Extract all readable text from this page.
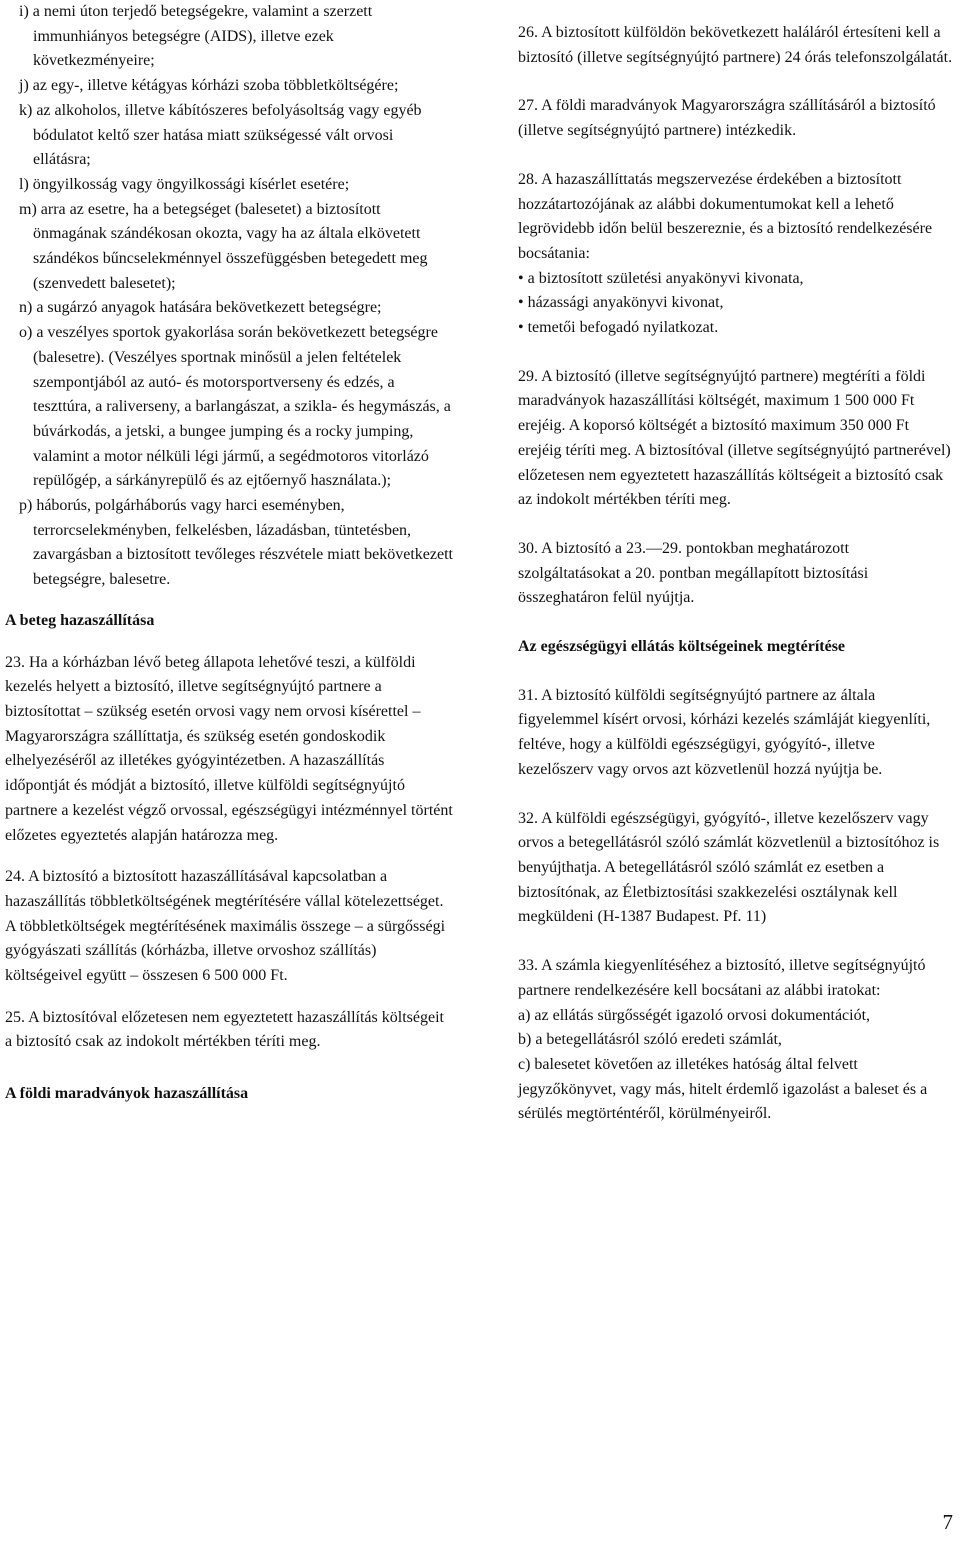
i) a nemi úton terjedő betegségekre, valamint a szerzett immunhiányos betegségre (AIDS), illetve ezek következményeire;

j) az egy-, illetve kétágyas kórházi szoba többletköltségére;

k) az alkoholos, illetve kábítószeres befolyásoltság vagy egyéb bódulatot keltő szer hatása miatt szükségessé vált orvosi ellátásra;

l) öngyilkosság vagy öngyilkossági kísérlet esetére;

m) arra az esetre, ha a betegséget (balesetet) a biztosított önmagának szándékosan okozta, vagy ha az általa elkövetett szándékos bűncselekménnyel összefüggésben betegedett meg (szenvedett balesetet);

n) a sugárzó anyagok hatására bekövetkezett betegségre;

o) a veszélyes sportok gyakorlása során bekövetkezett betegségre (balesetre). (Veszélyes sportnak minősül a jelen feltételek szempontjából az autó- és motorsportverseny és edzés, a teszttúra, a raliverseny, a barlangászat, a szikla- és hegymászás, a búvárkodás, a jetski, a bungee jumping és a rocky jumping, valamint a motor nélküli légi jármű, a segédmotoros vitorlázó repülőgép, a sárkányrepülő és az ejtőernyő használata.);

p) háborús, polgárháborús vagy harci eseményben, terrorcselekményben, felkelésben, lázadásban, tüntetésben, zavargásban a biztosított tevőleges részvétele miatt bekövetkezett betegségre, balesetre.

A beteg hazaszállítása

23. Ha a kórházban lévő beteg állapota lehetővé teszi, a külföldi kezelés helyett a biztosító, illetve segítségnyújtó partnere a biztosítottat – szükség esetén orvosi vagy nem orvosi kísérettel – Magyarországra szállíttatja, és szükség esetén gondoskodik elhelyezéséről az illetékes gyógyintézetben. A hazaszállítás időpontját és módját a biztosító, illetve külföldi segítségnyújtó partnere a kezelést végző orvossal, egészségügyi intézménnyel történt előzetes egyeztetés alapján határozza meg.

24. A biztosító a biztosított hazaszállításával kapcsolatban a hazaszállítás többletköltségének megtérítésére vállal kötelezettséget. A többletköltségek megtérítésének maximális összege – a sürgősségi gyógyászati szállítás (kórházba, illetve orvoshoz szállítás) költségeivel együtt – összesen 6 500 000 Ft.

25. A biztosítóval előzetesen nem egyeztetett hazaszállítás költségeit a biztosító csak az indokolt mértékben téríti meg.

A földi maradványok hazaszállítása

26. A biztosított külföldön bekövetkezett haláláról értesíteni kell a biztosító (illetve segítségnyújtó partnere) 24 órás telefonszolgálatát.

27. A földi maradványok Magyarországra szállításáról a biztosító (illetve segítségnyújtó partnere) intézkedik.

28. A hazaszállíttatás megszervezése érdekében a biztosított hozzátartozójának az alábbi dokumentumokat kell a lehető legrövidebb időn belül beszereznie, és a biztosító rendelkezésére bocsátania:

• a biztosított születési anyakönyvi kivonata,
• házassági anyakönyvi kivonat,
• temetői befogadó nyilatkozat.

29. A biztosító (illetve segítségnyújtó partnere) megtéríti a földi maradványok hazaszállítási költségét, maximum 1 500 000 Ft erejéig. A koporsó költségét a biztosító maximum 350 000 Ft erejéig téríti meg. A biztosítóval (illetve segítségnyújtó partnerével) előzetesen nem egyeztetett hazaszállítás költségeit a biztosító csak az indokolt mértékben téríti meg.

30. A biztosító a 23.—29. pontokban meghatározott szolgáltatásokat a 20. pontban megállapított biztosítási összeghatáron felül nyújtja.

Az egészségügyi ellátás költségeinek megtérítése

31. A biztosító külföldi segítségnyújtó partnere az általa figyelemmel kísért orvosi, kórházi kezelés számláját kiegyenlíti, feltéve, hogy a külföldi egészségügyi, gyógyító-, illetve kezelőszerv vagy orvos azt közvetlenül hozzá nyújtja be.

32. A külföldi egészségügyi, gyógyító-, illetve kezelőszerv vagy orvos a betegellátásról szóló számlát közvetlenül a biztosítóhoz is benyújthatja. A betegellátásról szóló számlát ez esetben a biztosítónak, az Életbiztosítási szakkezelési osztálynak kell megküldeni (H-1387 Budapest. Pf. 11)

33. A számla kiegyenlítéséhez a biztosító, illetve segítségnyújtó partnere rendelkezésére kell bocsátani az alábbi iratokat:

a) az ellátás sürgősségét igazoló orvosi dokumentációt,

b) a betegellátásról szóló eredeti számlát,

c) balesetet követően az illetékes hatóság által felvett jegyzőkönyvet, vagy más, hitelt érdemlő igazolást a baleset és a sérülés megtörténtéről, körülményeiről.

7
